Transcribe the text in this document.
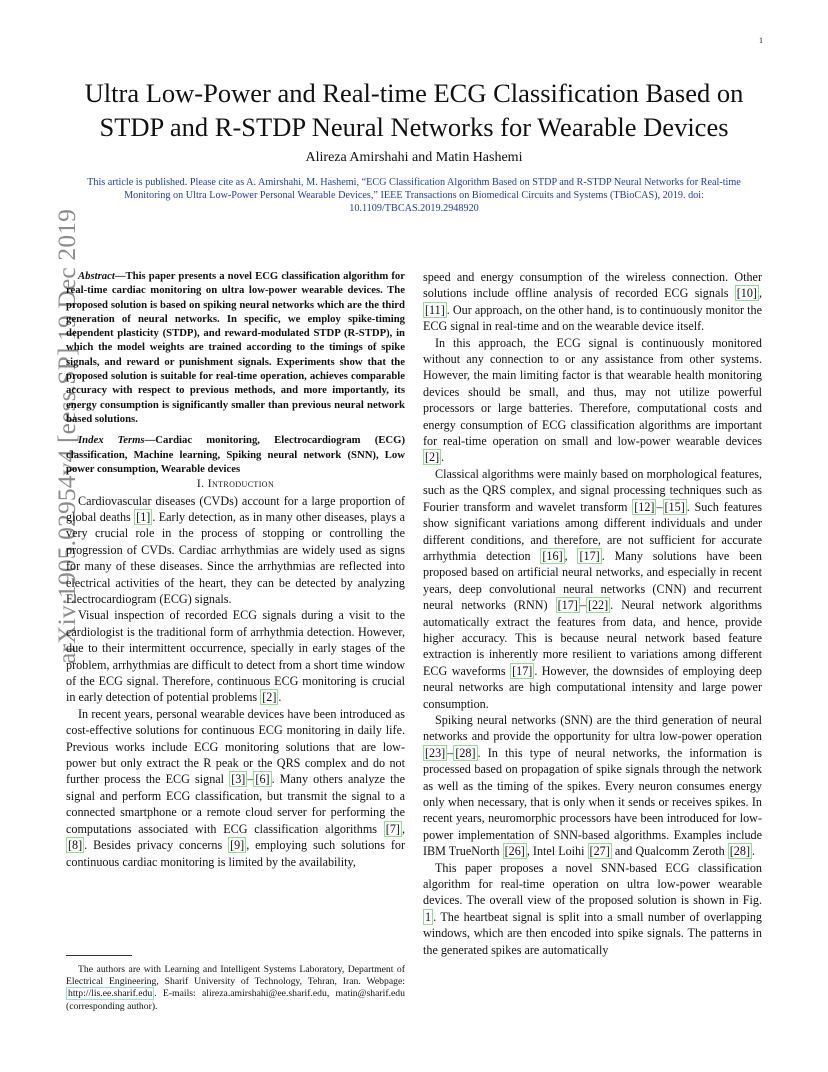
1
arXiv:1905.02954v4 [eess.SP] 19 Dec 2019
Ultra Low-Power and Real-time ECG Classification Based on
STDP and R-STDP Neural Networks for Wearable Devices
Alireza Amirshahi and Matin Hashemi
This article is published. Please cite as A. Amirshahi, M. Hashemi, “ECG Classification Algorithm Based on STDP and R-STDP Neural Networks for Real-time Monitoring on Ultra Low-Power Personal Wearable Devices,” IEEE Transactions on Biomedical Circuits and Systems (TBioCAS), 2019. doi: 10.1109/TBCAS.2019.2948920

Abstract—This paper presents a novel ECG classification algorithm for real-time cardiac monitoring on ultra low-power wearable devices. The proposed solution is based on spiking neural networks which are the third generation of neural networks. In specific, we employ spike-timing dependent plasticity (STDP), and reward-modulated STDP (R-STDP), in which the model weights are trained according to the timings of spike signals, and reward or punishment signals. Experiments show that the proposed solution is suitable for real-time operation, achieves comparable accuracy with respect to previous methods, and more importantly, its energy consumption is significantly smaller than previous neural network based solutions.

Index Terms—Cardiac monitoring, Electrocardiogram (ECG) classification, Machine learning, Spiking neural network (SNN), Low power consumption, Wearable devices

I. Introduction

Cardiovascular diseases (CVDs) account for a large proportion of global deaths [1] . Early detection, as in many other diseases, plays a very crucial role in the process of stopping or controlling the progression of CVDs. Cardiac arrhythmias are widely used as signs for many of these diseases. Since the arrhythmias are reflected into electrical activities of the heart, they can be detected by analyzing Electrocardiogram (ECG) signals.

Visual inspection of recorded ECG signals during a visit to the cardiologist is the traditional form of arrhythmia detection. However, due to their intermittent occurrence, specially in early stages of the problem, arrhythmias are difficult to detect from a short time window of the ECG signal. Therefore, continuous ECG monitoring is crucial in early detection of potential problems [2] .

In recent years, personal wearable devices have been introduced as cost-effective solutions for continuous ECG monitoring in daily life. Previous works include ECG monitoring solutions that are low-power but only extract the R peak or the QRS complex and do not further process the ECG signal [3] – [6] . Many others analyze the signal and perform ECG classification, but transmit the signal to a connected smartphone or a remote cloud server for performing the computations associated with ECG classification algorithms [7] , [8] . Besides privacy concerns [9] , employing such solutions for continuous cardiac monitoring is limited by the availability,

The authors are with Learning and Intelligent Systems Laboratory, Department of Electrical Engineering, Sharif University of Technology, Tehran, Iran. Webpage: http://lis.ee.sharif.edu . E-mails: alireza.amirshahi@ee.sharif.edu, matin@sharif.edu (corresponding author).

speed and energy consumption of the wireless connection. Other solutions include offline analysis of recorded ECG signals [10] , [11] . Our approach, on the other hand, is to continuously monitor the ECG signal in real-time and on the wearable device itself.

In this approach, the ECG signal is continuously monitored without any connection to or any assistance from other systems. However, the main limiting factor is that wearable health monitoring devices should be small, and thus, may not utilize powerful processors or large batteries. Therefore, computational costs and energy consumption of ECG classification algorithms are important for real-time operation on small and low-power wearable devices [2] .

Classical algorithms were mainly based on morphological features, such as the QRS complex, and signal processing techniques such as Fourier transform and wavelet transform [12] – [15] . Such features show significant variations among different individuals and under different conditions, and therefore, are not sufficient for accurate arrhythmia detection [16] , [17] . Many solutions have been proposed based on artificial neural networks, and especially in recent years, deep convolutional neural networks (CNN) and recurrent neural networks (RNN) [17] – [22] . Neural network algorithms automatically extract the features from data, and hence, provide higher accuracy. This is because neural network based feature extraction is inherently more resilient to variations among different ECG waveforms [17] . However, the downsides of employing deep neural networks are high computational intensity and large power consumption.

Spiking neural networks (SNN) are the third generation of neural networks and provide the opportunity for ultra low-power operation [23] – [28] . In this type of neural networks, the information is processed based on propagation of spike signals through the network as well as the timing of the spikes. Every neuron consumes energy only when necessary, that is only when it sends or receives spikes. In recent years, neuromorphic processors have been introduced for low-power implementation of SNN-based algorithms. Examples include IBM TrueNorth [26] , Intel Loihi [27] and Qualcomm Zeroth [28] .

This paper proposes a novel SNN-based ECG classification algorithm for real-time operation on ultra low-power wearable devices. The overall view of the proposed solution is shown in Fig. 1 . The heartbeat signal is split into a small number of overlapping windows, which are then encoded into spike signals. The patterns in the generated spikes are automatically
